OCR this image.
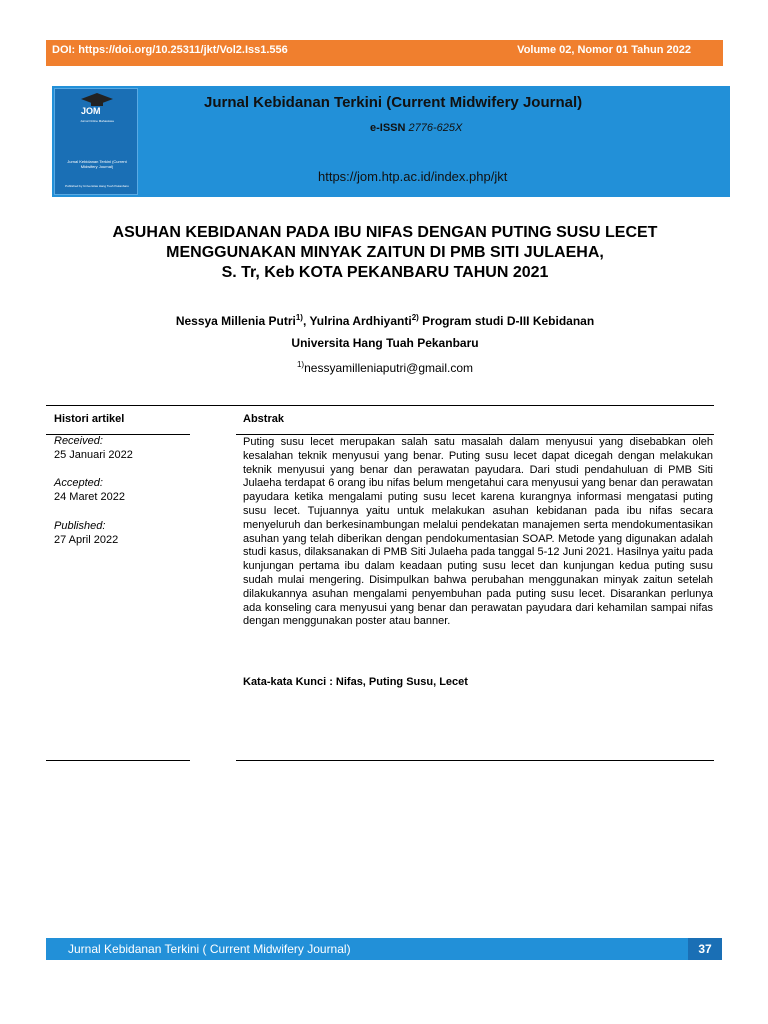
DOI: https://doi.org/10.25311/jkt/Vol2.Iss1.556	Volume 02, Nomor 01 Tahun 2022
JOM
Jurnal Online Mahasiswa
Jurnal Kebidanan Terkini (Current Midwifery Journal)
Published by Universitas Hang Tuah Pekanbaru
Jurnal Kebidanan Terkini (Current Midwifery Journal)
e-ISSN 2776-625X
https://jom.htp.ac.id/index.php/jkt
ASUHAN KEBIDANAN PADA IBU NIFAS DENGAN PUTING SUSU LECET
MENGGUNAKAN MINYAK ZAITUN DI PMB SITI JULAEHA,
S. Tr, Keb KOTA PEKANBARU TAHUN 2021
Nessya Millenia Putri$^{1)}$, Yulrina Ardhiyanti$^{2)}$ Program studi D-III Kebidanan
Universita Hang Tuah Pekanbaru
$^{1)}$nessyamilleniaputri@gmail.com
Histori artikel	Abstrak
Received:
25 Januari 2022
Accepted:
24 Maret 2022
Published:
27 April 2022
Puting susu lecet merupakan salah satu masalah dalam menyusui yang disebabkan oleh kesalahan teknik menyusui yang benar. Puting susu lecet dapat dicegah dengan melakukan teknik menyusui yang benar dan perawatan payudara. Dari studi pendahuluan di PMB Siti Julaeha terdapat 6 orang ibu nifas belum mengetahui cara menyusui yang benar dan perawatan payudara ketika mengalami puting susu lecet karena kurangnya informasi mengatasi puting susu lecet. Tujuannya yaitu untuk melakukan asuhan kebidanan pada ibu nifas secara menyeluruh dan berkesinambungan melalui pendekatan manajemen serta mendokumentasikan asuhan yang telah diberikan dengan pendokumentasian SOAP. Metode yang digunakan adalah studi kasus, dilaksanakan di PMB Siti Julaeha pada tanggal 5-12 Juni 2021. Hasilnya yaitu pada kunjungan pertama ibu dalam keadaan puting susu lecet dan kunjungan kedua puting susu sudah mulai mengering. Disimpulkan bahwa perubahan menggunakan minyak zaitun setelah dilakukannya asuhan mengalami penyembuhan pada puting susu lecet. Disarankan perlunya ada konseling cara menyusui yang benar dan perawatan payudara dari kehamilan sampai nifas dengan menggunakan poster atau banner.
Kata-kata Kunci : Nifas, Puting Susu, Lecet
Jurnal Kebidanan Terkini ( Current Midwifery Journal)	37
